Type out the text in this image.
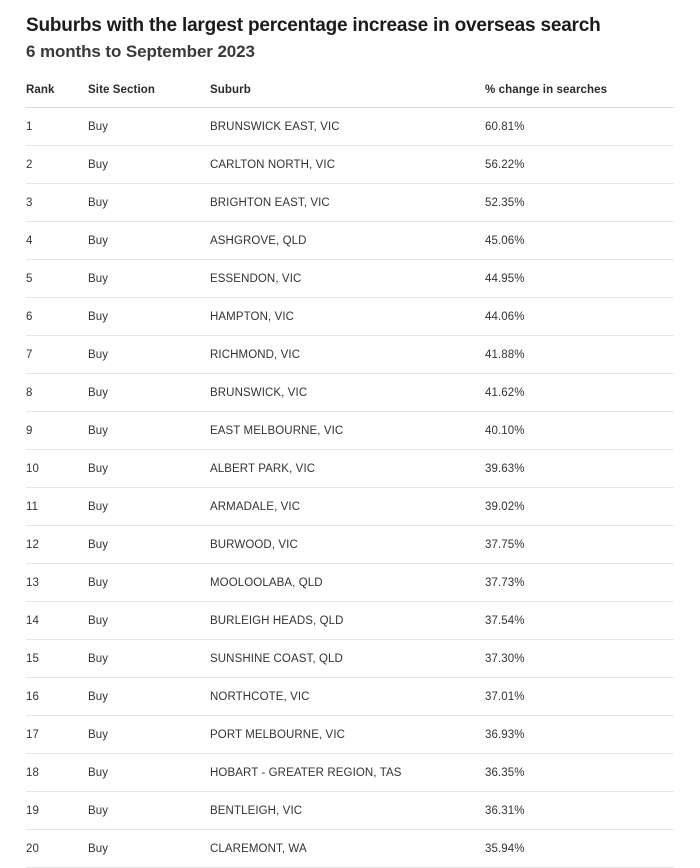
Suburbs with the largest percentage increase in overseas search
6 months to September 2023
Rank	Site Section	Suburb	% change in searches
1	Buy	BRUNSWICK EAST, VIC	60.81%
2	Buy	CARLTON NORTH, VIC	56.22%
3	Buy	BRIGHTON EAST, VIC	52.35%
4	Buy	ASHGROVE, QLD	45.06%
5	Buy	ESSENDON, VIC	44.95%
6	Buy	HAMPTON, VIC	44.06%
7	Buy	RICHMOND, VIC	41.88%
8	Buy	BRUNSWICK, VIC	41.62%
9	Buy	EAST MELBOURNE, VIC	40.10%
10	Buy	ALBERT PARK, VIC	39.63%
11	Buy	ARMADALE, VIC	39.02%
12	Buy	BURWOOD, VIC	37.75%
13	Buy	MOOLOOLABA, QLD	37.73%
14	Buy	BURLEIGH HEADS, QLD	37.54%
15	Buy	SUNSHINE COAST, QLD	37.30%
16	Buy	NORTHCOTE, VIC	37.01%
17	Buy	PORT MELBOURNE, VIC	36.93%
18	Buy	HOBART - GREATER REGION, TAS	36.35%
19	Buy	BENTLEIGH, VIC	36.31%
20	Buy	CLAREMONT, WA	35.94%
